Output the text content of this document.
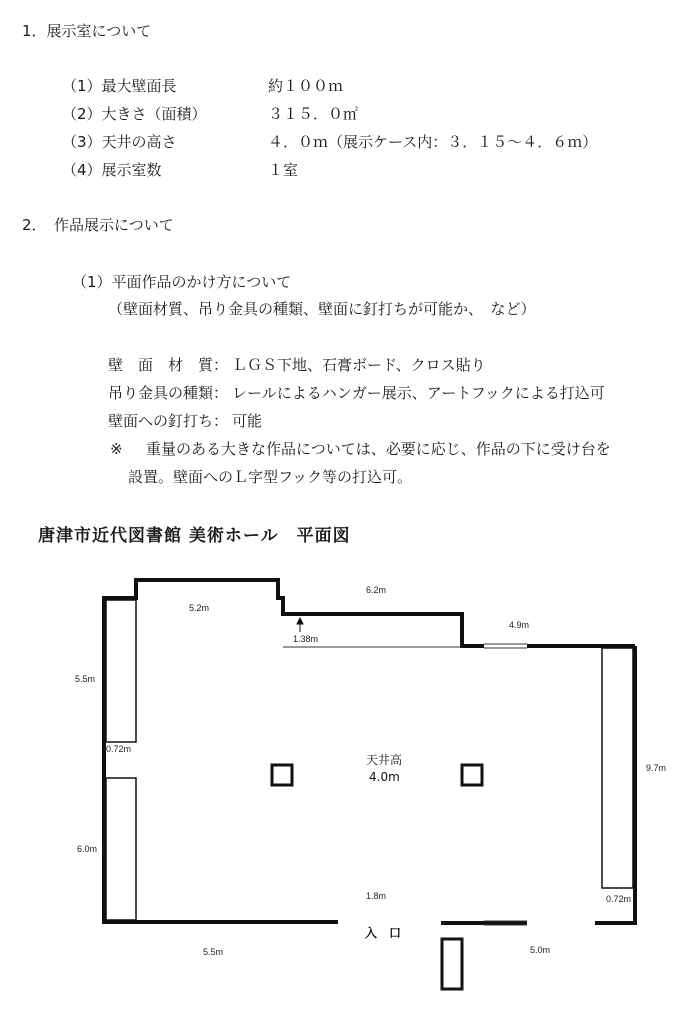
1．展示室について
（1）最大壁面長	約１００ｍ
（2）大きさ（面積）	３１５．０㎡
（3）天井の高さ	４．０ｍ（展示ケース内：３．１５～４．６ｍ）
（4）展示室数	１室
2．　作品展示について
（1）平面作品のかけ方について
（壁面材質、吊り金具の種類、壁面に釘打ちが可能か、　など）
壁　面　材　質： ＬＧＳ下地、石膏ボード、クロス貼り
吊り金具の種類： レールによるハンガー展示、アートフックによる打込可
壁面への釘打ち： 可能
※ 重量のある大きな作品については、必要に応じ、作品の下に受け台を
設置。壁面へのＬ字型フック等の打込可。
唐津市近代図書館 美術ホール　平面図
5.2m
6.2m
1.38m
4.9m
5.5m
0.72m
6.0m
9.7m
0.72m
1.8m
5.5m	5.0m
天井高
4.0m
入　口
